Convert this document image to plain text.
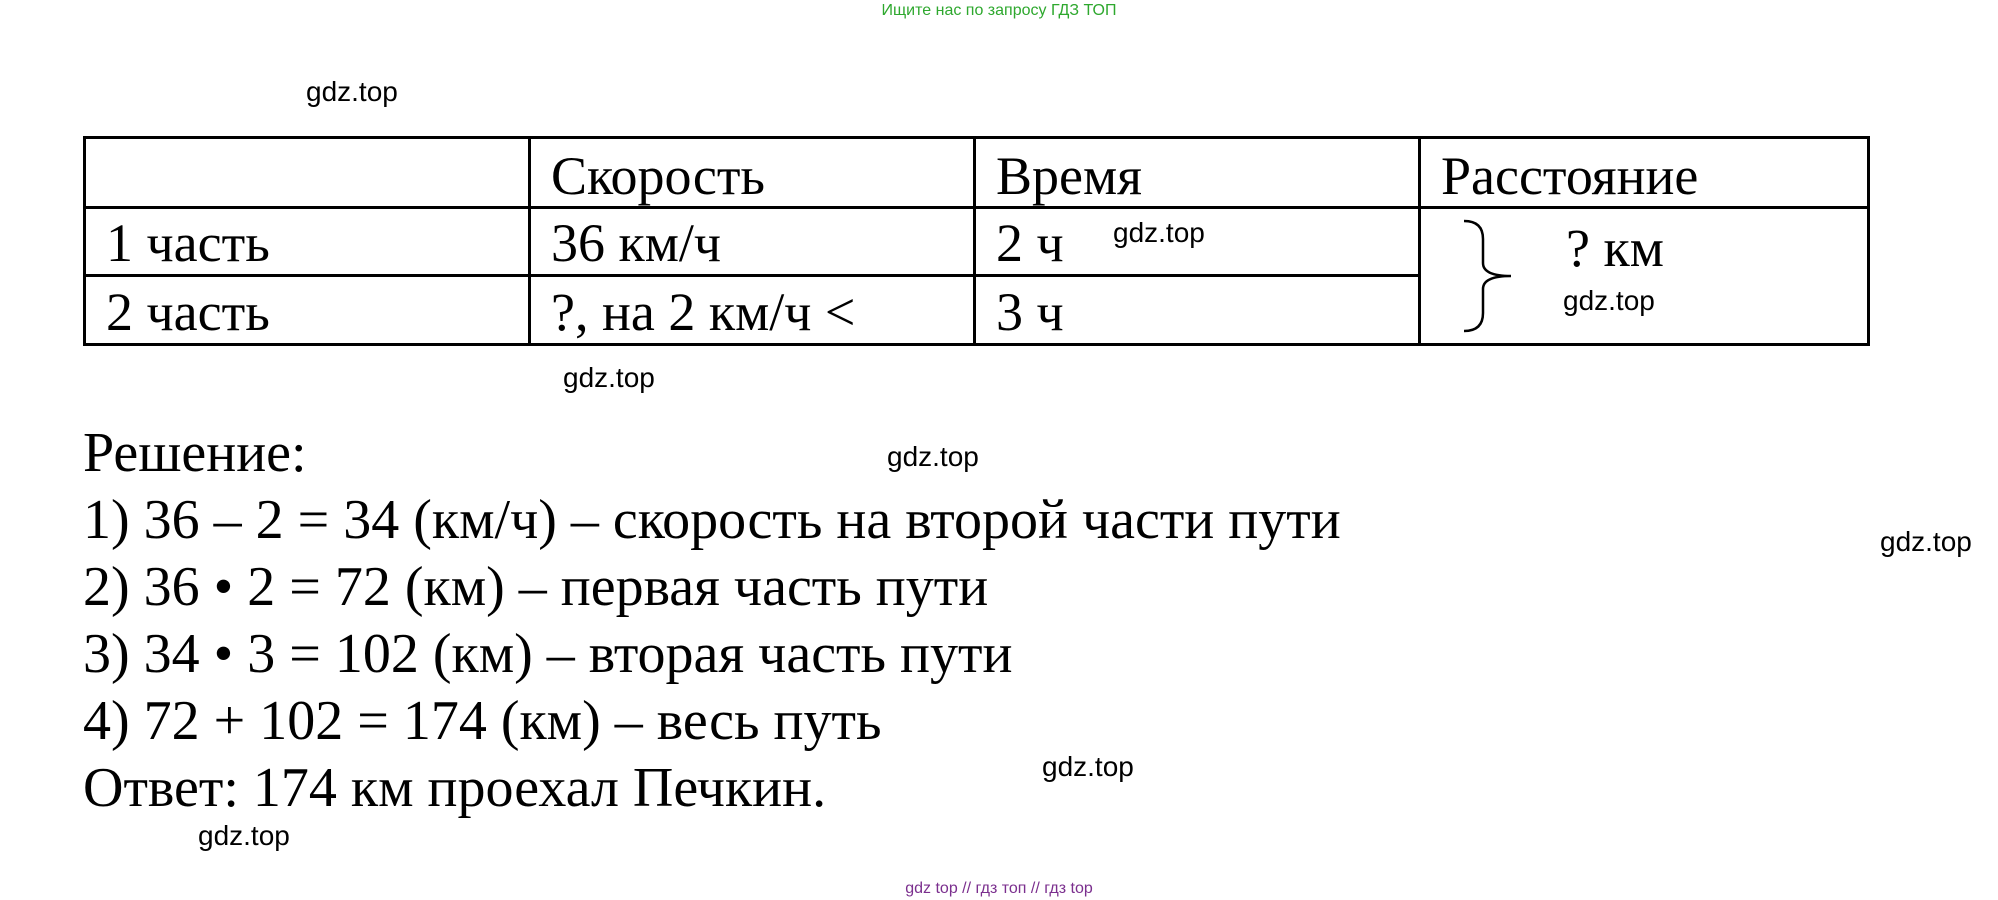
Ищите нас по запросу ГДЗ ТОП
gdz.top
gdz.top
gdz.top
gdz.top
gdz.top
gdz.top
gdz.top
gdz.top
	Скорость	Время	Расстояние
1 часть	36 км/ч	2 ч	? км

2 часть	?, на 2 км/ч <	3 ч	
Решение:
1) 36 – 2 = 34 (км/ч) – скорость на второй части пути
2) 36 • 2 = 72 (км) – первая часть пути
3) 34 • 3 = 102 (км) – вторая часть пути
4) 72 + 102 = 174 (км) – весь путь
Ответ: 174 км проехал Печкин.
gdz top // гдз топ // гдз top
